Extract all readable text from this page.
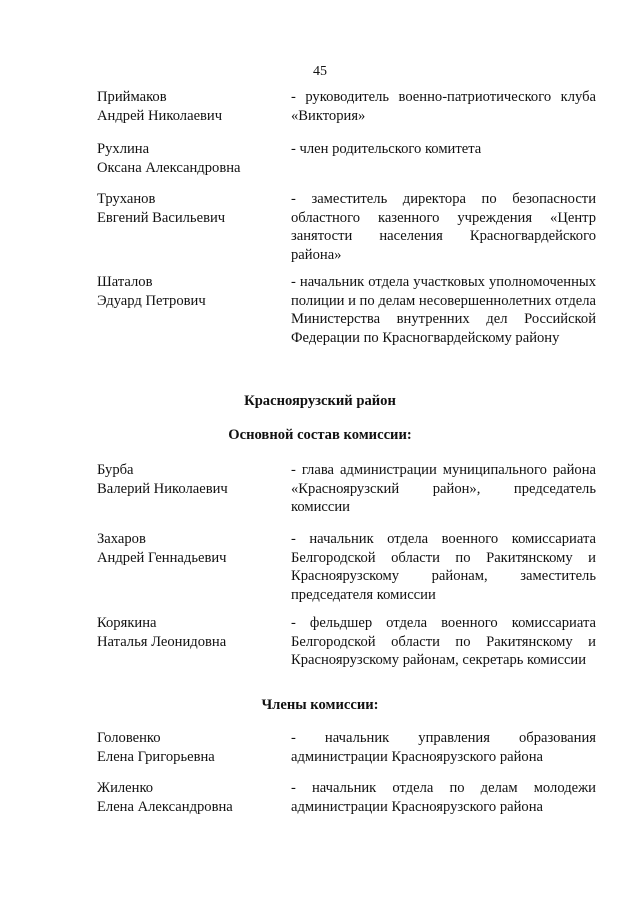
45
Приймаков
Андрей Николаевич
- руководитель военно-патриотического клуба «Виктория»
Рухлина
Оксана Александровна
- член родительского комитета
Труханов
Евгений Васильевич
- заместитель директора по безопасности областного казенного учреждения «Центр занятости населения Красногвардейского района»
Шаталов
Эдуард Петрович
- начальник отдела участковых уполномоченных полиции и по делам несовершеннолетних отдела Министерства внутренних дел Российской Федерации по Красногвардейскому району
Красноярузский район
Основной состав комиссии:
Бурба
Валерий Николаевич
- глава администрации муниципального района «Красноярузский район», председатель комиссии
Захаров
Андрей Геннадьевич
- начальник отдела военного комиссариата Белгородской области по Ракитянскому и Красноярузскому районам, заместитель председателя комиссии
Корякина
Наталья Леонидовна
- фельдшер отдела военного комиссариата Белгородской области по Ракитянскому и Красноярузскому районам, секретарь комиссии
Члены комиссии:
Головенко
Елена Григорьевна
- начальник управления образования администрации Красноярузского района
Жиленко
Елена Александровна
- начальник отдела по делам молодежи администрации Красноярузского района
